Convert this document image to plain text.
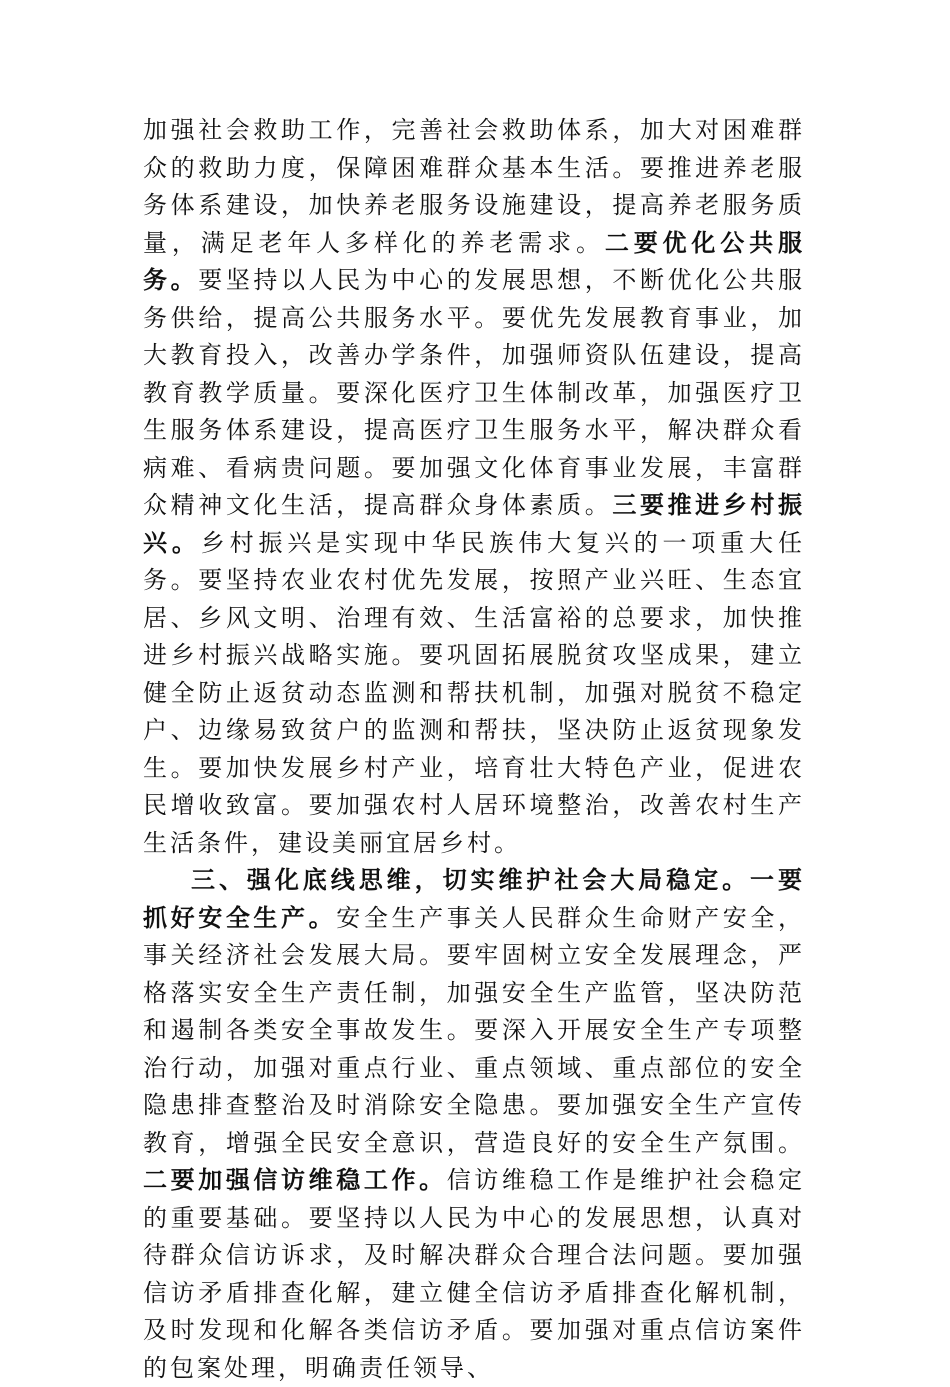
加强社会救助工作，完善社会救助体系，加大对困难群众的救助力度，保障困难群众基本生活。要推进养老服务体系建设，加快养老服务设施建设，提高养老服务质量，满足老年人多样化的养老需求。二要优化公共服务。要坚持以人民为中心的发展思想，不断优化公共服务供给，提高公共服务水平。要优先发展教育事业，加大教育投入，改善办学条件，加强师资队伍建设，提高教育教学质量。要深化医疗卫生体制改革，加强医疗卫生服务体系建设，提高医疗卫生服务水平，解决群众看病难、看病贵问题。要加强文化体育事业发展，丰富群众精神文化生活，提高群众身体素质。三要推进乡村振兴。乡村振兴是实现中华民族伟大复兴的一项重大任务。要坚持农业农村优先发展，按照产业兴旺、生态宜居、乡风文明、治理有效、生活富裕的总要求，加快推进乡村振兴战略实施。要巩固拓展脱贫攻坚成果，建立健全防止返贫动态监测和帮扶机制，加强对脱贫不稳定户、边缘易致贫户的监测和帮扶，坚决防止返贫现象发生。要加快发展乡村产业，培育壮大特色产业，促进农民增收致富。要加强农村人居环境整治，改善农村生产生活条件，建设美丽宜居乡村。

三、强化底线思维，切实维护社会大局稳定。一要抓好安全生产。安全生产事关人民群众生命财产安全，事关经济社会发展大局。要牢固树立安全发展理念，严格落实安全生产责任制，加强安全生产监管，坚决防范和遏制各类安全事故发生。要深入开展安全生产专项整治行动，加强对重点行业、重点领域、重点部位的安全隐患排查整治及时消除安全隐患。要加强安全生产宣传教育，增强全民安全意识，营造良好的安全生产氛围。二要加强信访维稳工作。信访维稳工作是维护社会稳定的重要基础。要坚持以人民为中心的发展思想，认真对待群众信访诉求，及时解决群众合理合法问题。要加强信访矛盾排查化解，建立健全信访矛盾排查化解机制，及时发现和化解各类信访矛盾。要加强对重点信访案件的包案处理，明确责任领导、
